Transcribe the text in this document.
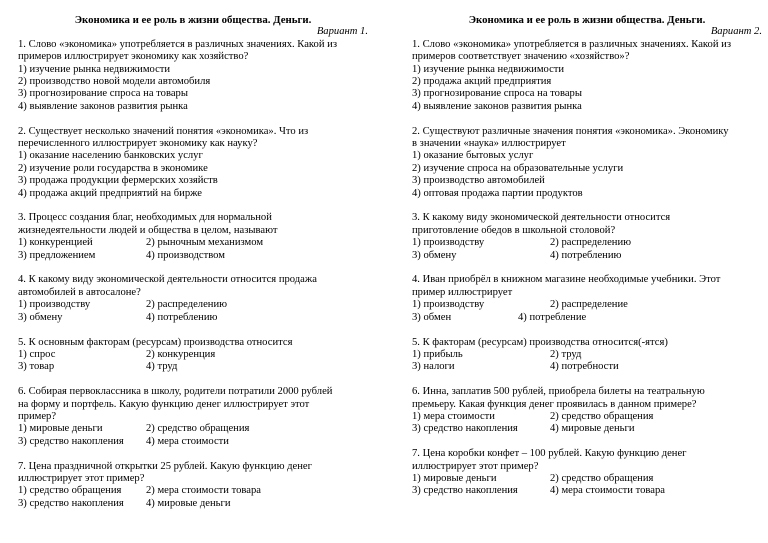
Экономика и ее роль в жизни общества. Деньги.
Вариант 1.
1. Слово «экономика» употребляется в различных значениях. Какой из
примеров иллюстрирует экономику как хозяйство?
1) изучение рынка недвижимости
2) производство новой модели автомобиля
3) прогнозирование спроса на товары
4) выявление законов развития рынка
2. Существует несколько значений понятия «экономика». Что из
перечисленного иллюстрирует экономику как науку?
1) оказание населению банковских услуг
2) изучение роли государства в экономике
3) продажа продукции фермерских хозяйств
4) продажа акций предприятий на бирже
3. Процесс создания благ, необходимых для нормальной
жизнедеятельности людей и общества в целом, называют
1) конкуренцией	2) рыночным механизмом
3) предложением	4) производством
4. К какому виду экономической деятельности относится продажа
автомобилей в автосалоне?
1) производству	2) распределению
3) обмену	4) потреблению
5. К основным факторам (ресурсам) производства относится
1) спрос	2) конкуренция
3) товар	4) труд
6. Собирая первоклассника в школу, родители потратили 2000 рублей
на форму и портфель. Какую функцию денег иллюстрирует этот
пример?
1) мировые деньги	2) средство обращения
3) средство накопления 4) мера стоимости
7. Цена праздничной открытки 25 рублей. Какую функцию денег
иллюстрирует этот пример?
1) средство обращения 2) мера стоимости товара
3) средство накопления 4) мировые деньги
Экономика и ее роль в жизни общества. Деньги.
Вариант 2.
1. Слово «экономика» употребляется в различных значениях. Какой из
примеров соответствует значению «хозяйство»?
1) изучение рынка недвижимости
2) продажа акций предприятия
3) прогнозирование спроса на товары
4) выявление законов развития рынка
2. Существуют различные значения понятия «экономика». Экономику
в значении «наука» иллюстрирует
1) оказание бытовых услуг
2) изучение спроса на образовательные услуги
3) производство автомобилей
4) оптовая продажа партии продуктов
3. К какому виду экономической деятельности относится
приготовление обедов в школьной столовой?
1) производству	2) распределению
3) обмену	4) потреблению
4. Иван приобрёл в книжном магазине необходимые учебники. Этот
пример иллюстрирует
1) производству	2) распределение
3) обмен	4) потребление
5. К факторам (ресурсам) производства относится(-ятся)
1) прибыль	2) труд
3) налоги	4) потребности
6. Инна, заплатив 500 рублей, приобрела билеты на театральную
премьеру. Какая функция денег проявилась в данном примере?
1) мера стоимости	2) средство обращения
3) средство накопления	4) мировые деньги
7. Цена коробки конфет – 100 рублей. Какую функцию денег
иллюстрирует этот пример?
1) мировые деньги	2) средство обращения
3) средство накопления	4) мера стоимости товара
